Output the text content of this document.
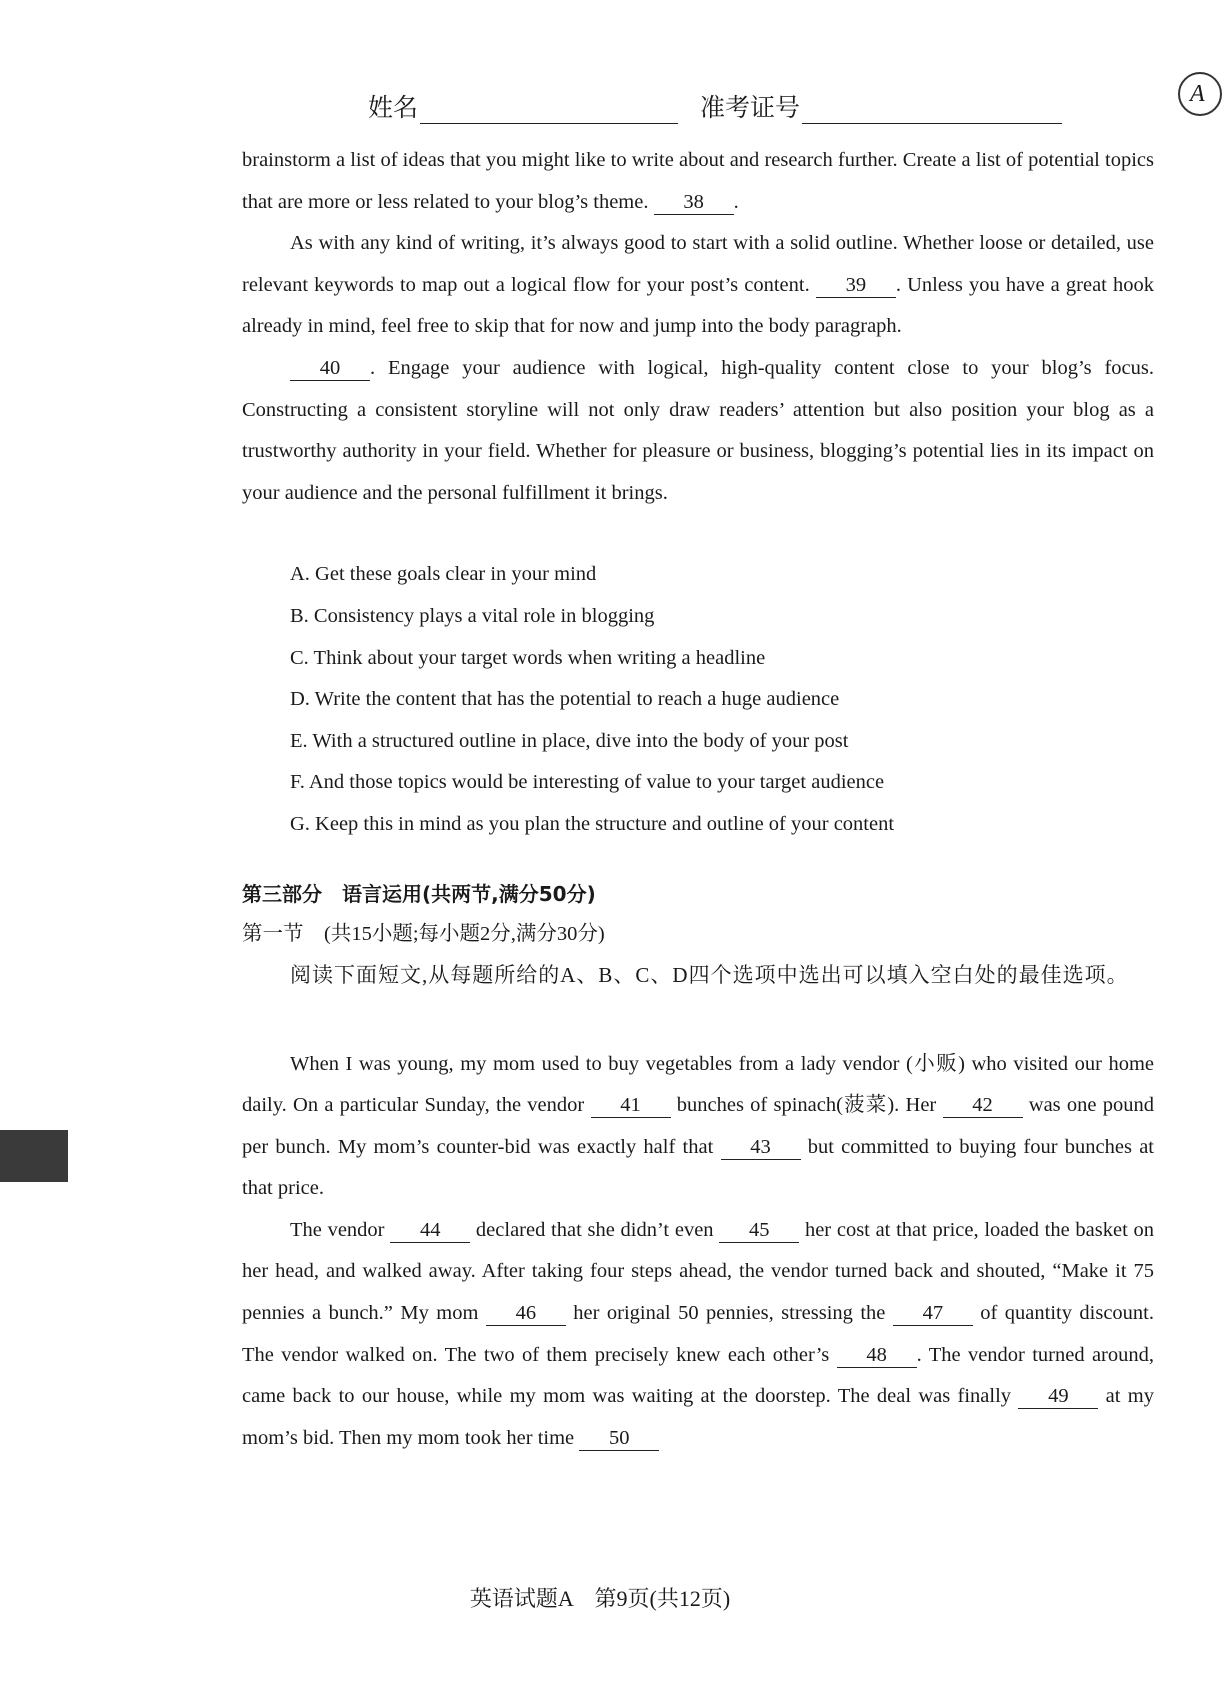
姓名	准考证号
A

brainstorm a list of ideas that you might like to write about and research further. Create a list of potential topics that are more or less related to your blog’s theme. 38 .

As with any kind of writing, it’s always good to start with a solid outline. Whether loose or detailed, use relevant keywords to map out a logical flow for your post’s content. 39 . Unless you have a great hook already in mind, feel free to skip that for now and jump into the body paragraph.

40 . Engage your audience with logical, high-quality content close to your blog’s focus. Constructing a consistent storyline will not only draw readers’ attention but also position your blog as a trustworthy authority in your field. Whether for pleasure or business, blogging’s potential lies in its impact on your audience and the personal fulfillment it brings.

A. Get these goals clear in your mind
B. Consistency plays a vital role in blogging
C. Think about your target words when writing a headline
D. Write the content that has the potential to reach a huge audience
E. With a structured outline in place, dive into the body of your post
F. And those topics would be interesting of value to your target audience
G. Keep this in mind as you plan the structure and outline of your content
第三部分　语言运用(共两节,满分50分)
第一节　(共15小题;每小题2分,满分30分)
阅读下面短文,从每题所给的A、B、C、D四个选项中选出可以填入空白处的最佳选项。

When I was young, my mom used to buy vegetables from a lady vendor (小贩) who visited our home daily. On a particular Sunday, the vendor 41 bunches of spinach(菠菜). Her 42 was one pound per bunch. My mom’s counter-bid was exactly half that 43 but committed to buying four bunches at that price.

The vendor 44 declared that she didn’t even 45 her cost at that price, loaded the basket on her head, and walked away. After taking four steps ahead, the vendor turned back and shouted, “Make it 75 pennies a bunch.” My mom 46 her original 50 pennies, stressing the 47 of quantity discount. The vendor walked on. The two of them precisely knew each other’s 48 . The vendor turned around, came back to our house, while my mom was waiting at the doorstep. The deal was finally 49 at my mom’s bid. Then my mom took her time 50

英语试题A　第9页(共12页)
